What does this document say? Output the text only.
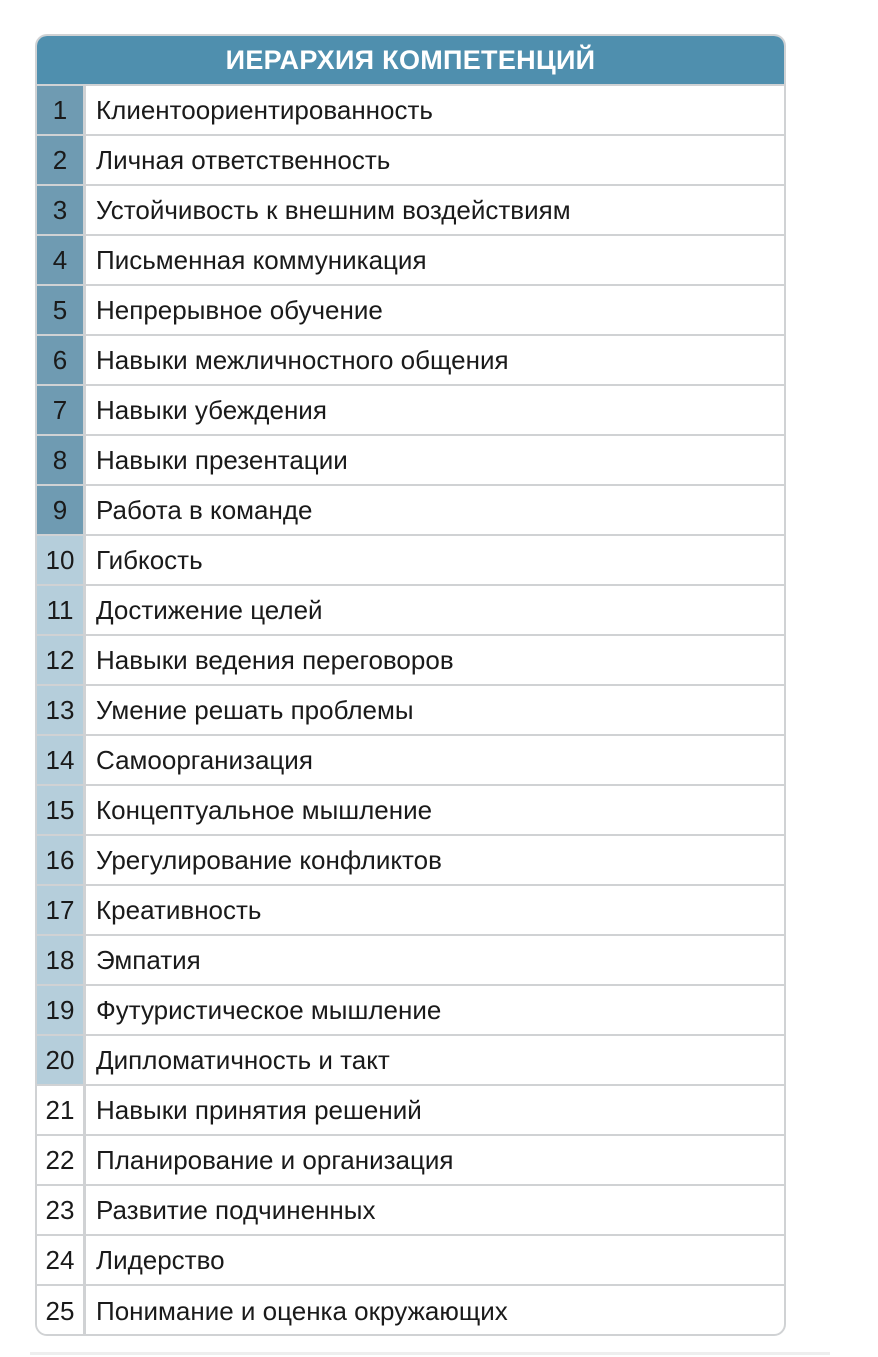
ИЕРАРХИЯ КОМПЕТЕНЦИЙ
1	Клиентоориентированность
2	Личная ответственность
3	Устойчивость к внешним воздействиям
4	Письменная коммуникация
5	Непрерывное обучение
6	Навыки межличностного общения
7	Навыки убеждения
8	Навыки презентации
9	Работа в команде
10 Гибкость
11 Достижение целей
12 Навыки ведения переговоров
13 Умение решать проблемы
14 Самоорганизация
15 Концептуальное мышление
16 Урегулирование конфликтов
17 Креативность
18 Эмпатия
19 Футуристическое мышление
20 Дипломатичность и такт
21 Навыки принятия решений
22 Планирование и организация
23 Развитие подчиненных
24 Лидерство
25 Понимание и оценка окружающих
